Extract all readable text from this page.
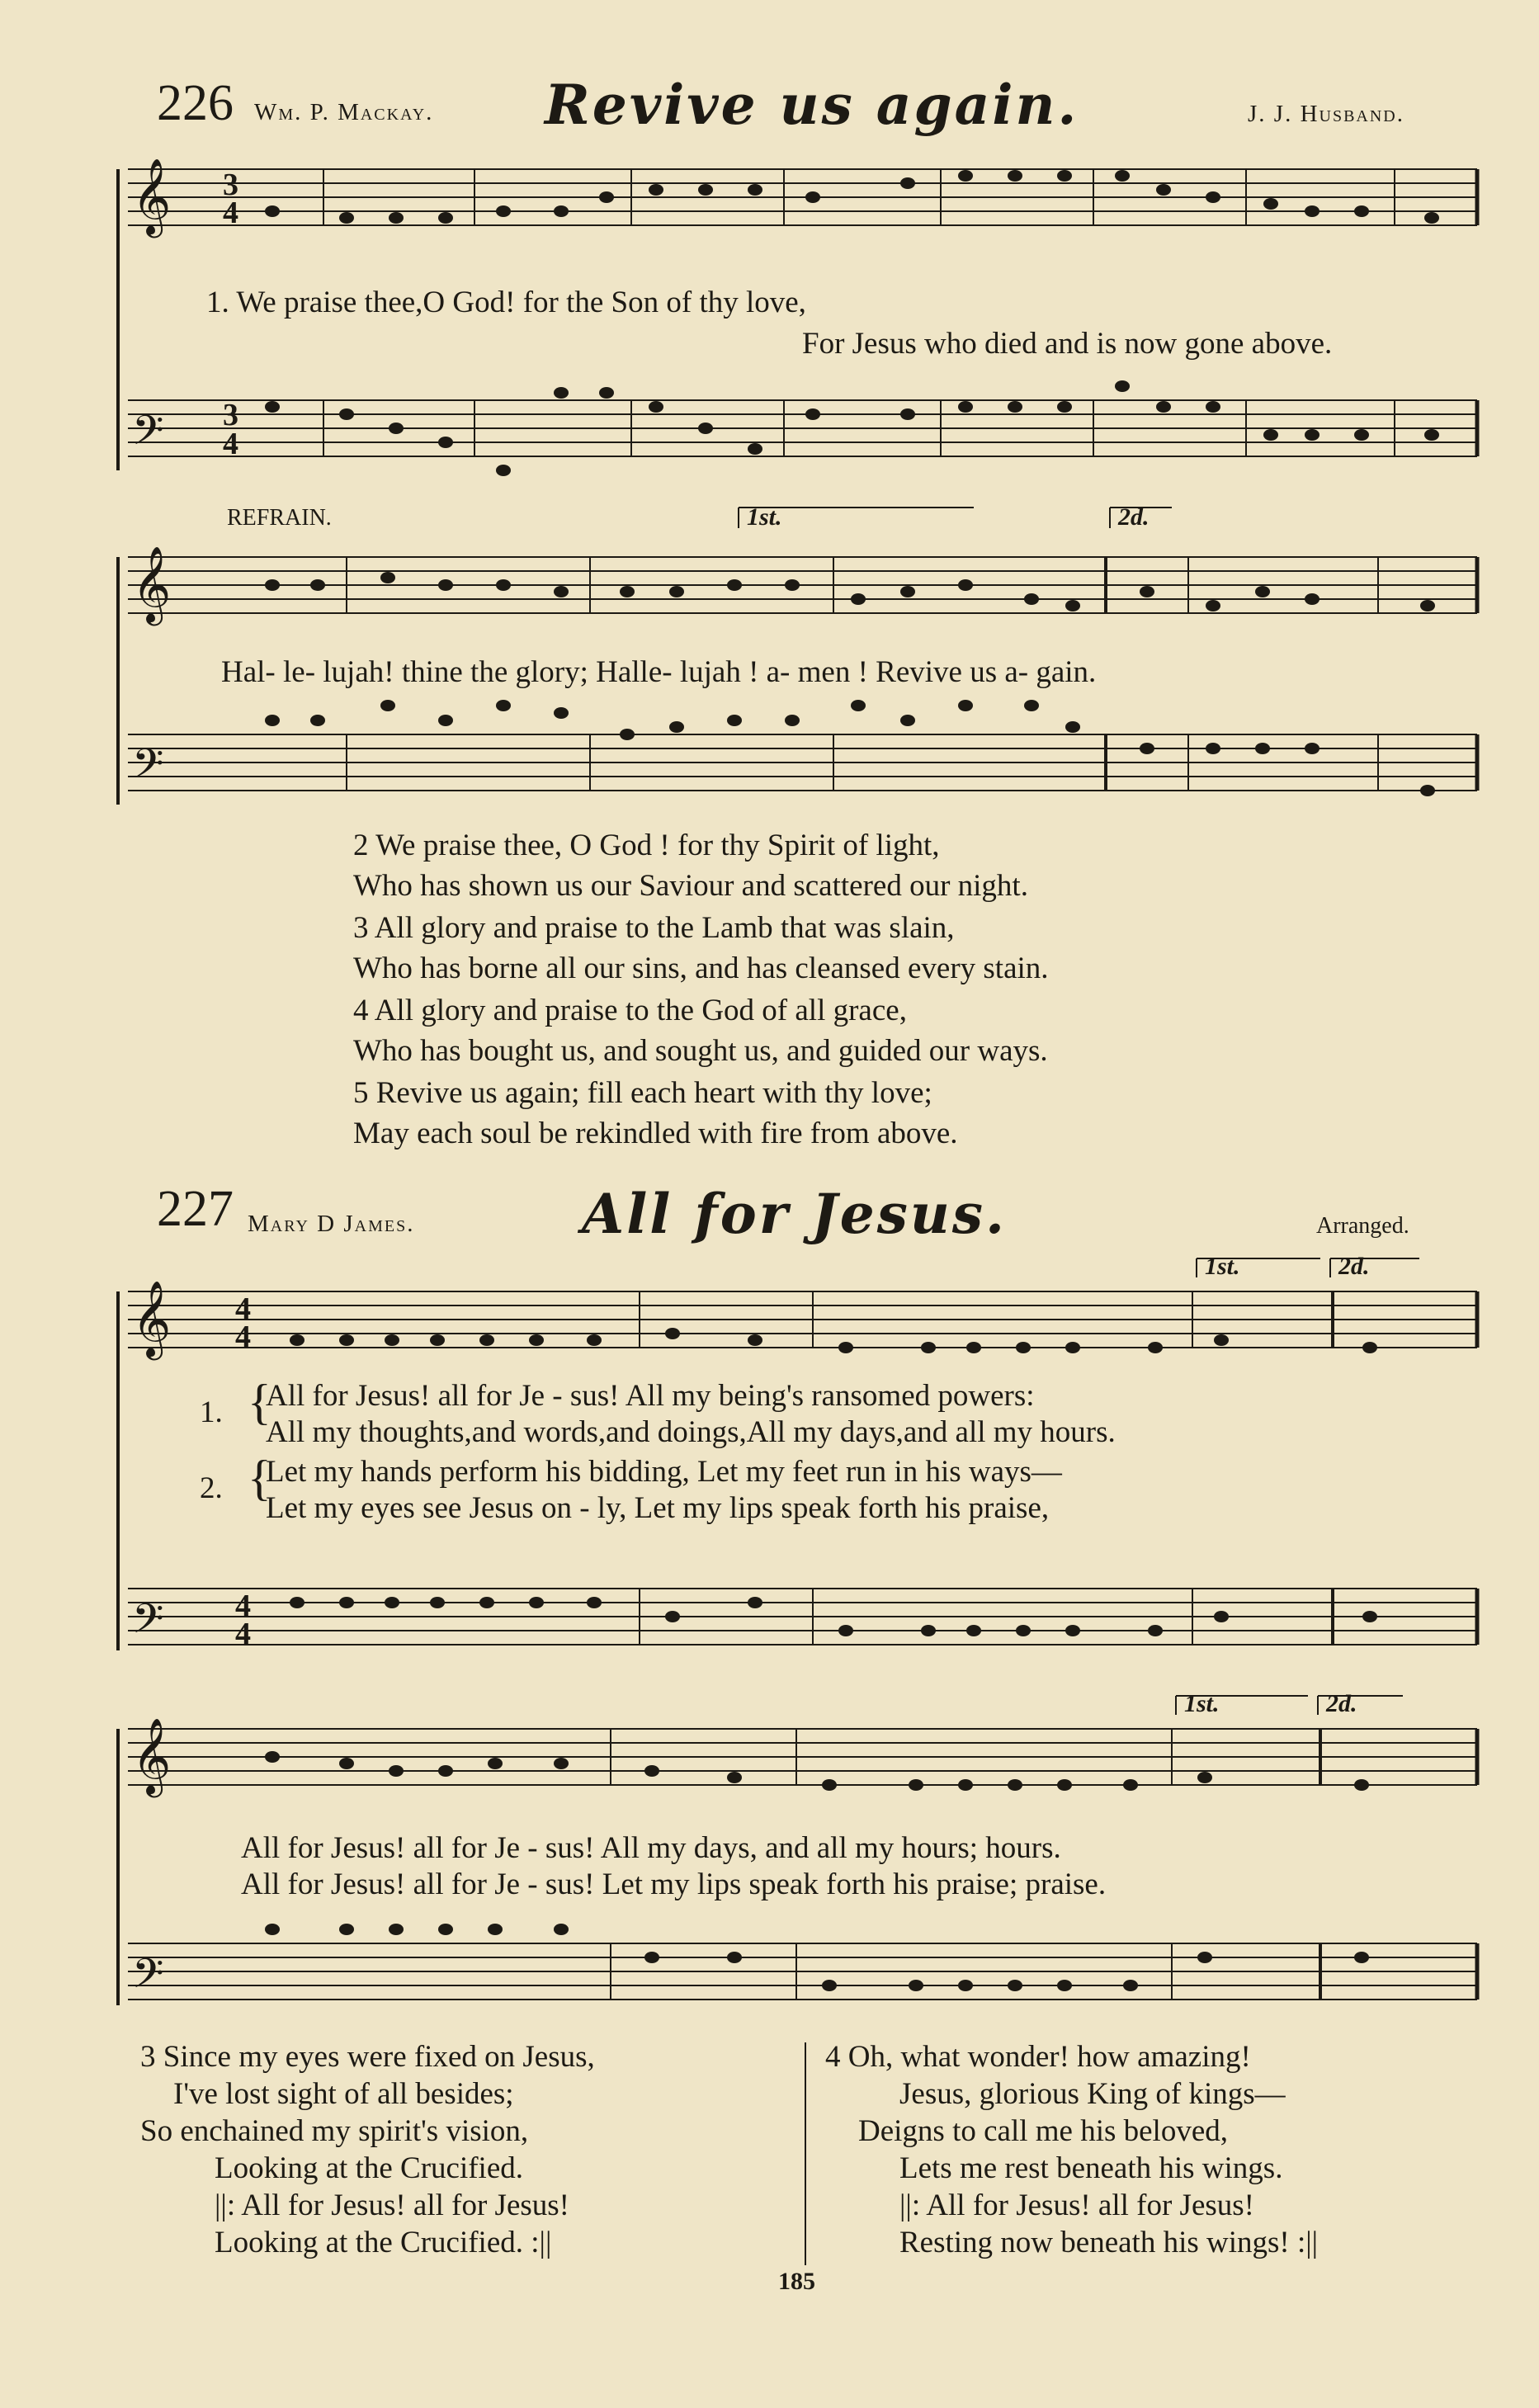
226 Wm. P. Mackay. Revive us again.	J. J. Husband.
𝄞
𝄢
𝄞
𝄢
3
4
3
4
1. We praise thee,O God! for the Son of thy love,
For Jesus who died and is now gone above.
REFRAIN.	1st.	2d.
Hal- le- lujah! thine the glory; Halle- lujah ! a- men ! Revive us a- gain.
2 We praise thee, O God ! for thy Spirit of light,
Who has shown us our Saviour and scattered our night.
3 All glory and praise to the Lamb that was slain,
Who has borne all our sins, and has cleansed every stain.
4 All glory and praise to the God of all grace,
Who has bought us, and sought us, and guided our ways.
5 Revive us again; fill each heart with thy love;
May each soul be rekindled with fire from above.
227 Mary D James.	All for Jesus.	Arranged.
𝄞
𝄢
𝄞
𝄢
4
4
4
4
1st.	2d.
1. {
All for Jesus! all for Je - sus! All my being's ransomed powers:
All my thoughts,and words,and doings,All my days,and all my hours.
2. {
Let my hands perform his bidding, Let my feet run in his ways—
Let my eyes see Jesus on - ly, Let my lips speak forth his praise,
1st.	2d.
All for Jesus! all for Je - sus! All my days, and all my hours; hours.
All for Jesus! all for Je - sus! Let my lips speak forth his praise; praise.
3 Since my eyes were fixed on Jesus,
I've lost sight of all besides;
So enchained my spirit's vision,
Looking at the Crucified.
||: All for Jesus! all for Jesus!
Looking at the Crucified. :||
4 Oh, what wonder! how amazing!
Jesus, glorious King of kings—
Deigns to call me his beloved,
Lets me rest beneath his wings.
||: All for Jesus! all for Jesus!
Resting now beneath his wings! :||
185
